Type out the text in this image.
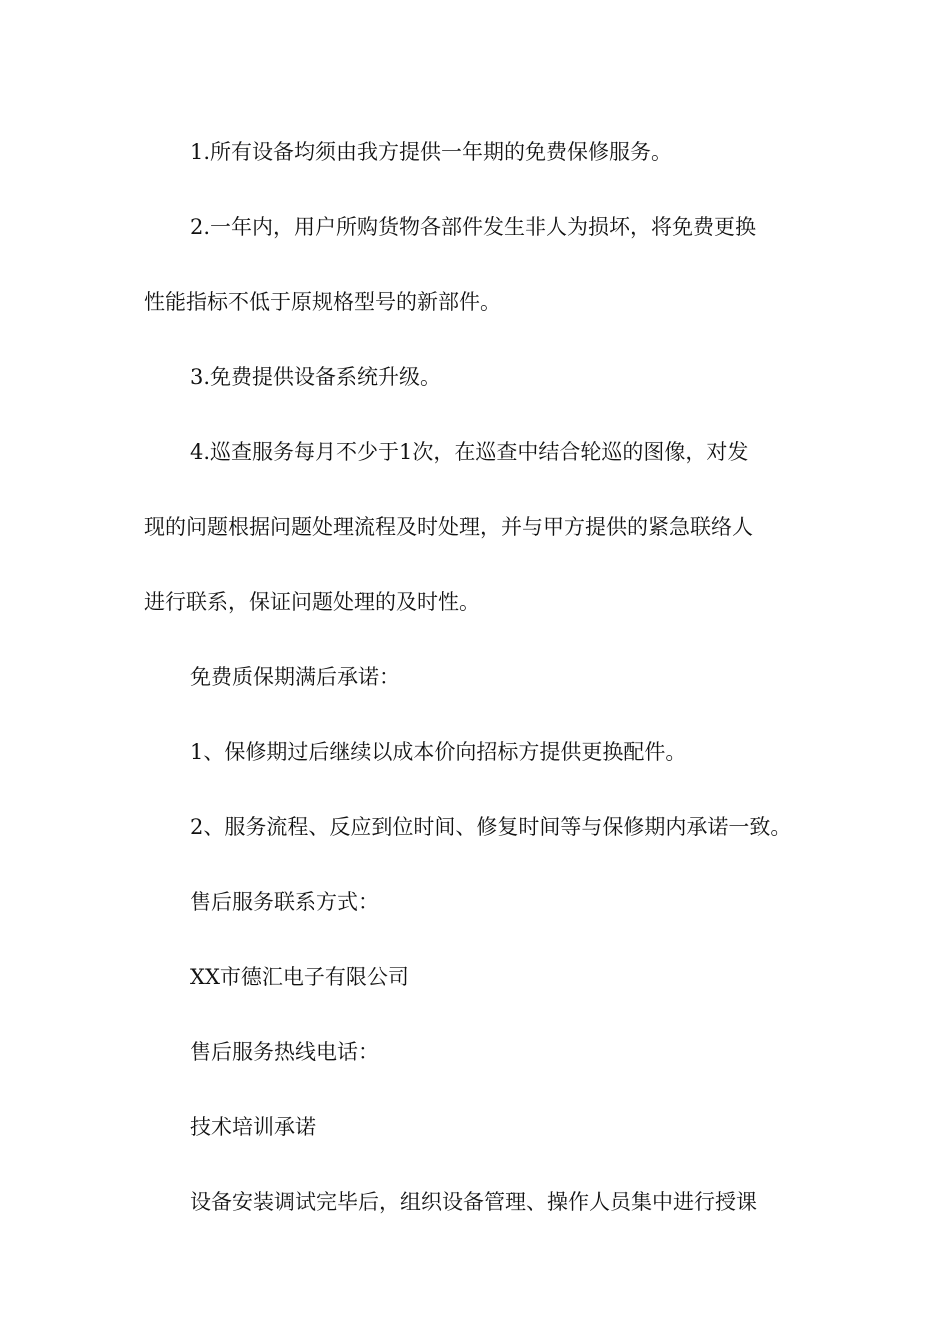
1.所有设备均须由我方提供一年期的免费保修服务。
2.一年内，用户所购货物各部件发生非人为损坏，将免费更换
性能指标不低于原规格型号的新部件。
3.免费提供设备系统升级。
4.巡查服务每月不少于1次，在巡查中结合轮巡的图像，对发
现的问题根据问题处理流程及时处理，并与甲方提供的紧急联络人
进行联系，保证问题处理的及时性。
免费质保期满后承诺：
1、保修期过后继续以成本价向招标方提供更换配件。
2、服务流程、反应到位时间、修复时间等与保修期内承诺一致。
售后服务联系方式：
XX市德汇电子有限公司
售后服务热线电话：
技术培训承诺
设备安装调试完毕后，组织设备管理、操作人员集中进行授课
